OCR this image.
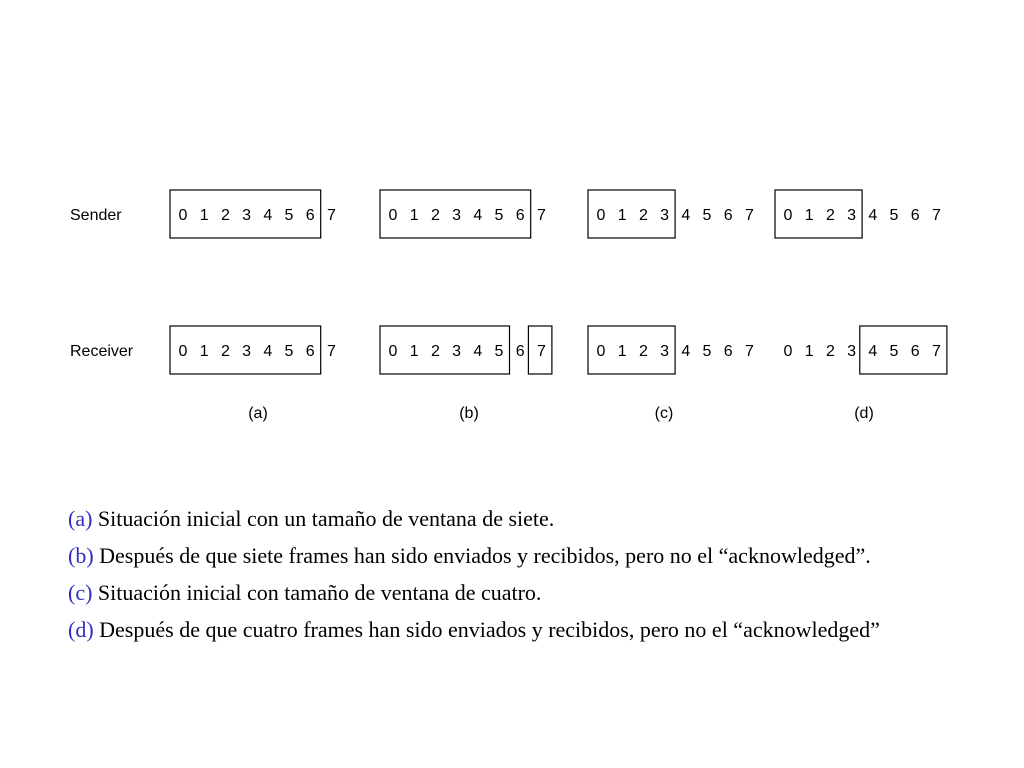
Sender
Receiver
0 1 2 3 4 5 6 7
0 1 2 3 4 5 6 7
(a)
0 1 2 3 4 5 6 7
0 1 2 3 4 5 6 7
(b)
0 1 2 3 4 5 6 7
0 1 2 3 4 5 6 7
(c)
0 1 2 3 4 5 6 7
0 1 2 3 4 5 6 7
(d)
(a) Situación inicial con un tamaño de ventana de siete.
(b) Después de que siete frames han sido enviados y recibidos, pero no el “acknowledged”.
(c) Situación inicial con tamaño de ventana de cuatro.
(d) Después de que cuatro frames han sido enviados y recibidos, pero no el “acknowledged”
